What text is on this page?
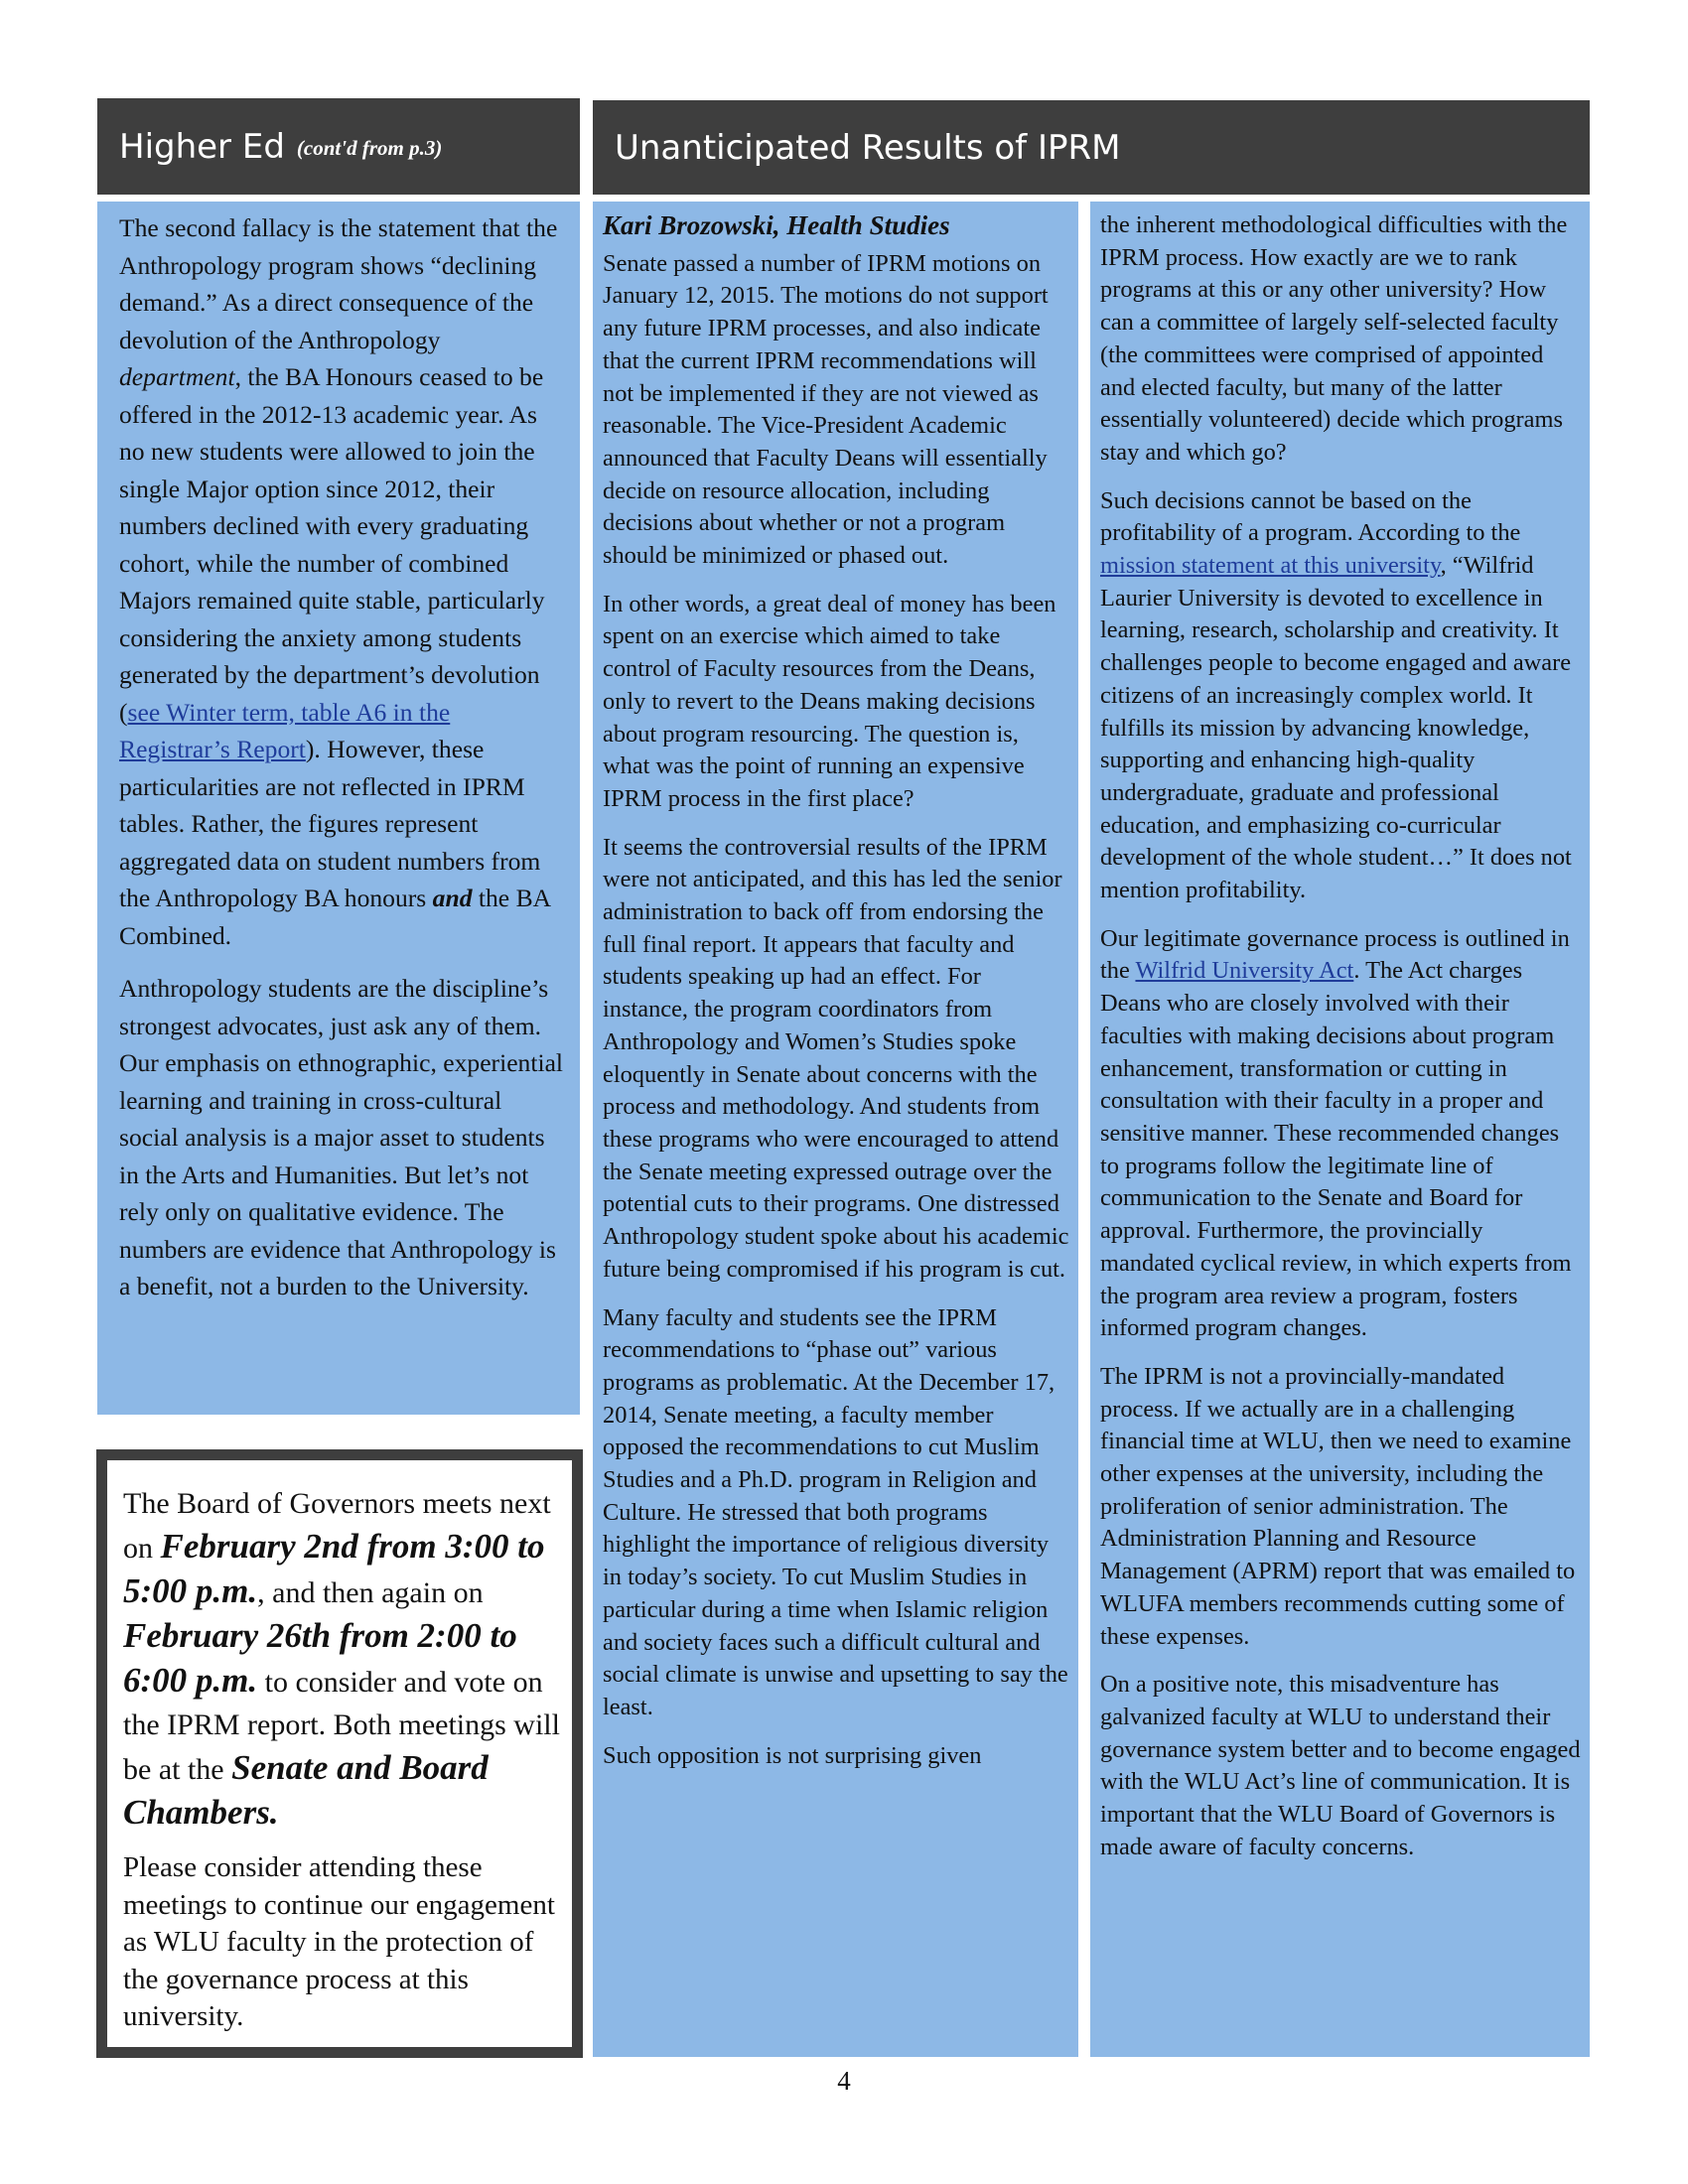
Higher Ed (cont'd from p.3)	Unanticipated Results of IPRM

The second fallacy is the statement that the Anthropology program shows “declining demand.” As a direct consequence of the devolution of the Anthropology department, the BA Honours ceased to be offered in the 2012-13 academic year. As no new students were allowed to join the single Major option since 2012, their numbers declined with every graduating cohort, while the number of combined Majors remained quite stable, particularly considering the anxiety among students generated by the department’s devolution (see Winter term, table A6 in the Registrar’s Report). However, these particularities are not reflected in IPRM tables. Rather, the figures represent aggregated data on student numbers from the Anthropology BA honours and the BA Combined.

Anthropology students are the discipline’s strongest advocates, just ask any of them. Our emphasis on ethnographic, experiential learning and training in cross-cultural social analysis is a major asset to students in the Arts and Humanities. But let’s not rely only on qualitative evidence. The numbers are evidence that Anthropology is a benefit, not a burden to the University.

The Board of Governors meets next on February 2nd from 3:00 to 5:00 p.m., and then again on February 26th from 2:00 to 6:00 p.m. to consider and vote on the IPRM report. Both meetings will be at the Senate and Board Chambers.

Please consider attending these meetings to continue our engagement as WLU faculty in the protection of the governance process at this university.

Kari Brozowski, Health Studies

Senate passed a number of IPRM motions on January 12, 2015. The motions do not support any future IPRM processes, and also indicate that the current IPRM recommendations will not be implemented if they are not viewed as reasonable. The Vice-President Academic announced that Faculty Deans will essentially decide on resource allocation, including decisions about whether or not a program should be minimized or phased out.

In other words, a great deal of money has been spent on an exercise which aimed to take control of Faculty resources from the Deans, only to revert to the Deans making decisions about program resourcing. The question is, what was the point of running an expensive IPRM process in the first place?

It seems the controversial results of the IPRM were not anticipated, and this has led the senior administration to back off from endorsing the full final report. It appears that faculty and students speaking up had an effect. For instance, the program coordinators from Anthropology and Women’s Studies spoke eloquently in Senate about concerns with the process and methodology. And students from these programs who were encouraged to attend the Senate meeting expressed outrage over the potential cuts to their programs. One distressed Anthropology student spoke about his academic future being compromised if his program is cut.

Many faculty and students see the IPRM recommendations to “phase out” various programs as problematic. At the December 17, 2014, Senate meeting, a faculty member opposed the recommendations to cut Muslim Studies and a Ph.D. program in Religion and Culture. He stressed that both programs highlight the importance of religious diversity in today’s society. To cut Muslim Studies in particular during a time when Islamic religion and society faces such a difficult cultural and social climate is unwise and upsetting to say the least.

Such opposition is not surprising given

the inherent methodological difficulties with the IPRM process. How exactly are we to rank programs at this or any other university? How can a committee of largely self-selected faculty (the committees were comprised of appointed and elected faculty, but many of the latter essentially volunteered) decide which programs stay and which go?

Such decisions cannot be based on the profitability of a program. According to the mission statement at this university, “Wilfrid Laurier University is devoted to excellence in learning, research, scholarship and creativity. It challenges people to become engaged and aware citizens of an increasingly complex world. It fulfills its mission by advancing knowledge, supporting and enhancing high-quality undergraduate, graduate and professional education, and emphasizing co-curricular development of the whole student…” It does not mention profitability.

Our legitimate governance process is outlined in the Wilfrid University Act. The Act charges Deans who are closely involved with their faculties with making decisions about program enhancement, transformation or cutting in consultation with their faculty in a proper and sensitive manner. These recommended changes to programs follow the legitimate line of communication to the Senate and Board for approval. Furthermore, the provincially mandated cyclical review, in which experts from the program area review a program, fosters informed program changes.

The IPRM is not a provincially-mandated process. If we actually are in a challenging financial time at WLU, then we need to examine other expenses at the university, including the proliferation of senior administration. The Administration Planning and Resource Management (APRM) report that was emailed to WLUFA members recommends cutting some of these expenses.

On a positive note, this misadventure has galvanized faculty at WLU to understand their governance system better and to become engaged with the WLU Act’s line of communication. It is important that the WLU Board of Governors is made aware of faculty concerns.

4
